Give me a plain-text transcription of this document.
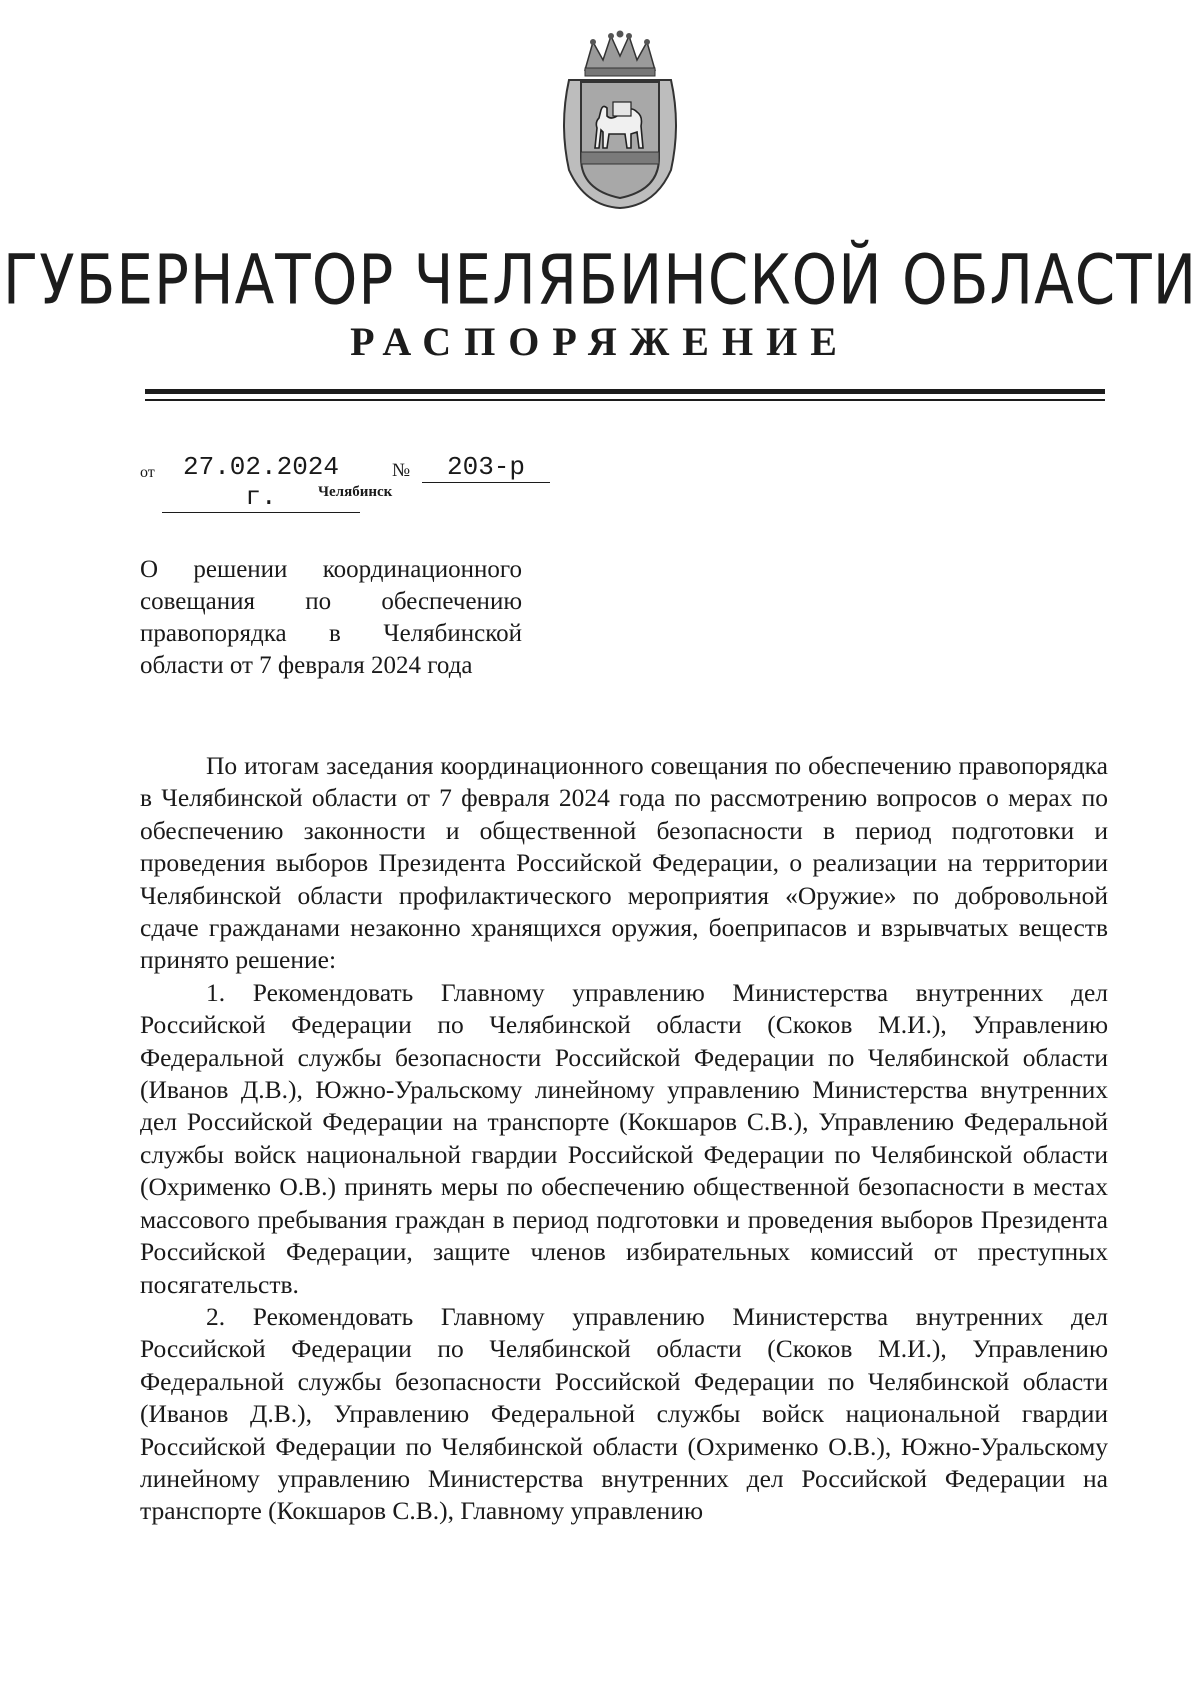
ГУБЕРНАТОР ЧЕЛЯБИНСКОЙ ОБЛАСТИ
РАСПОРЯЖЕНИЕ
от	27.02.2024 г.
№	203-р
Челябинск
О решении координационного
совещания по обеспечению
правопорядка в Челябинской
области от 7 февраля 2024 года

По итогам заседания координационного совещания по обеспечению правопорядка в Челябинской области от 7 февраля 2024 года по рассмотрению вопросов о мерах по обеспечению законности и общественной безопасности в период подготовки и проведения выборов Президента Российской Федерации, о реализации на территории Челябинской области профилактического мероприятия «Оружие» по добровольной сдаче гражданами незаконно хранящихся оружия, боеприпасов и взрывчатых веществ принято решение:

1. Рекомендовать Главному управлению Министерства внутренних дел Российской Федерации по Челябинской области (Скоков М.И.), Управлению Федеральной службы безопасности Российской Федерации по Челябинской области (Иванов Д.В.), Южно-Уральскому линейному управлению Министерства внутренних дел Российской Федерации на транспорте (Кокшаров С.В.), Управлению Федеральной службы войск национальной гвардии Российской Федерации по Челябинской области (Охрименко О.В.) принять меры по обеспечению общественной безопасности в местах массового пребывания граждан в период подготовки и проведения выборов Президента Российской Федерации, защите членов избирательных комиссий от преступных посягательств.

2. Рекомендовать Главному управлению Министерства внутренних дел Российской Федерации по Челябинской области (Скоков М.И.), Управлению Федеральной службы безопасности Российской Федерации по Челябинской области (Иванов Д.В.), Управлению Федеральной службы войск национальной гвардии Российской Федерации по Челябинской области (Охрименко О.В.), Южно-Уральскому линейному управлению Министерства внутренних дел Российской Федерации на транспорте (Кокшаров С.В.), Главному управлению
